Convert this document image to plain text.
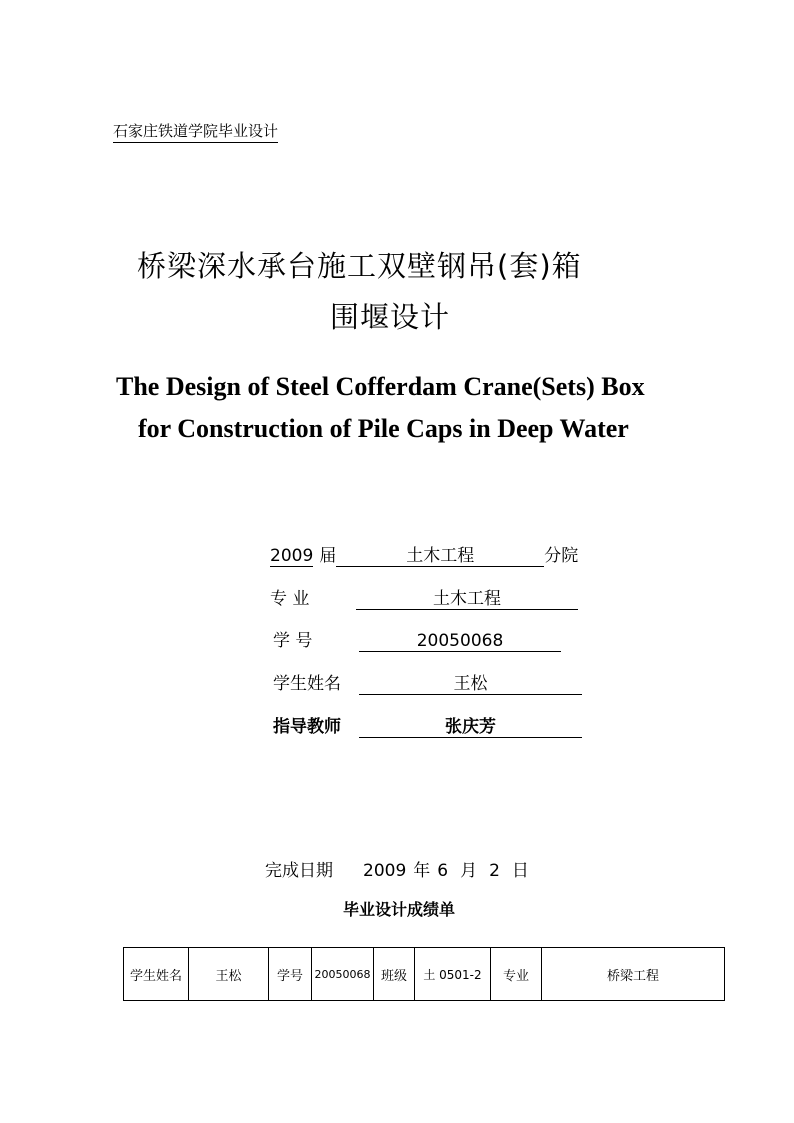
石家庄铁道学院毕业设计
桥梁深水承台施工双壁钢吊(套)箱
围堰设计
The Design of Steel Cofferdam Crane(Sets) Box
for Construction of Pile Caps in Deep Water
2009 届	土木工程	分院
专 业	土木工程
学 号	20050068
学生姓名	王松
指导教师	张庆芳
完成日期 2009 年 6 月 2 日
毕业设计成绩单
学生姓名	王松	学号	20050068	班级	土 0501-2	专业	桥梁工程
